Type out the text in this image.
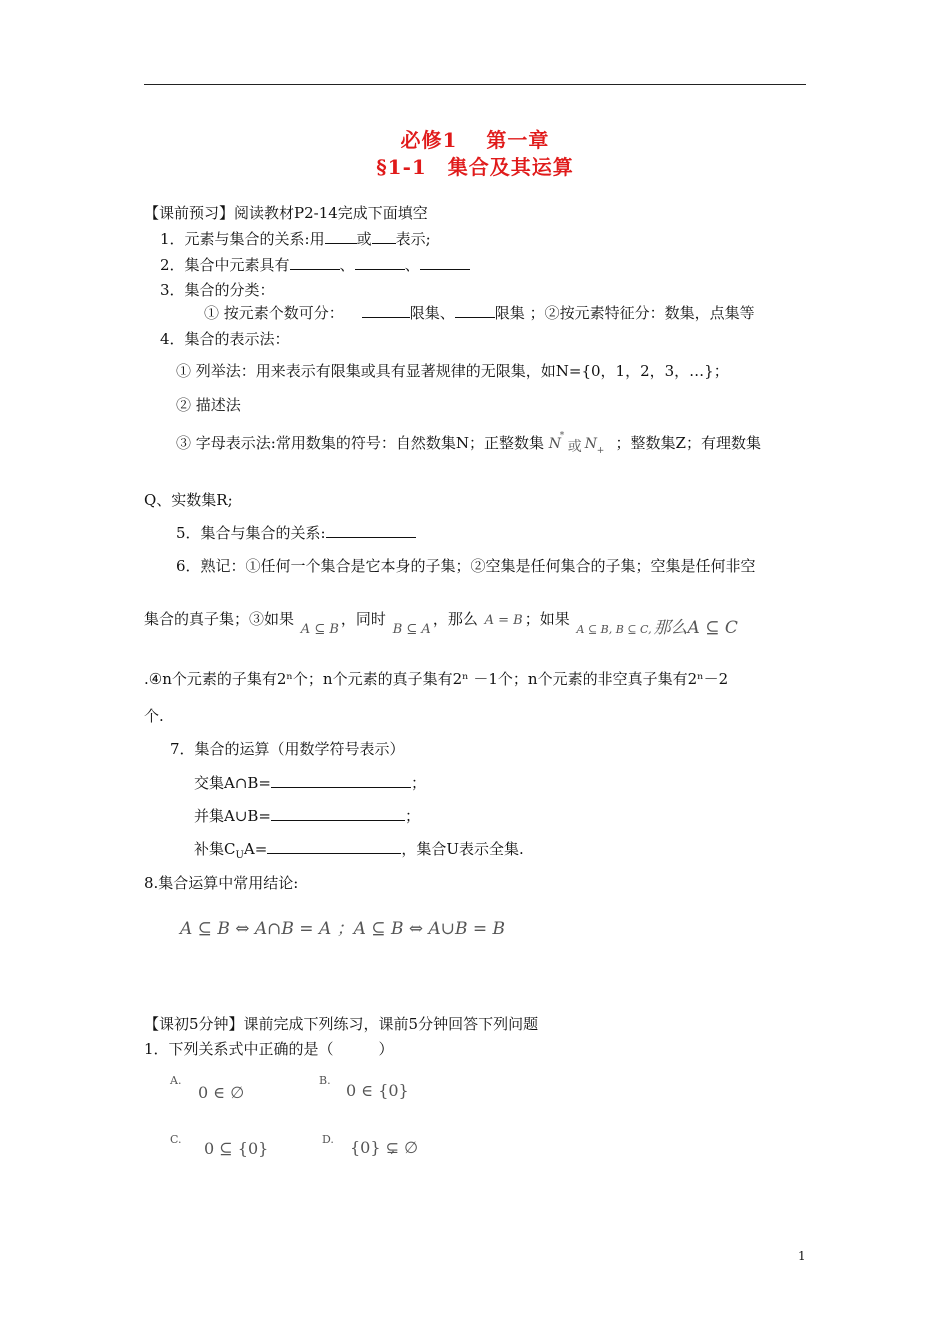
必修1　 第一章
§1-1　集合及其运算
【课前预习】阅读教材P2-14完成下面填空
1．元素与集合的关系:用 或 表示;
2．集合中元素具有	、	、
3．集合的分类：
① 按元素个数可分：	限集、	限集 ；②按元素特征分：数集，点集等
4．集合的表示法：
① 列举法：用来表示有限集或具有显著规律的无限集，如N={0，1，2，3，…}；
② 描述法
③ 字母表示法:常用数集的符号：自然数集N；正整数集 N
*
或 N + ；整数集Z；有理数集
Q、实数集R;
5．集合与集合的关系:
6．熟记：①任何一个集合是它本身的子集；②空集是任何集合的子集；空集是任何非空
集合的真子集；③如果 A ⊆ B，同时 B ⊆ A，那么 A = B ；如果 $_{A ⊆ B, B ⊆ C,}$ 那么A ⊆ C
.④n个元素的子集有2ⁿ个；n个元素的真子集有2ⁿ －1个；n个元素的非空真子集有2ⁿ－2
个.
7．集合的运算（用数学符号表示）
交集A∩B=	；
并集A∪B=	；
补集$C_UA=$	，集合U表示全集.
8.集合运算中常用结论:
A ⊆ B ⇔ A∩B = A ；A ⊆ B ⇔ A∪B = B
【课初5分钟】课前完成下列练习，课前5分钟回答下列问题
1．下列关系式中正确的是（　　　）
A.
0 ∈ ∅
B.
0 ∈ {0}
C. 0 ⊆ {0}	D. {0} ⊊ ∅
1
